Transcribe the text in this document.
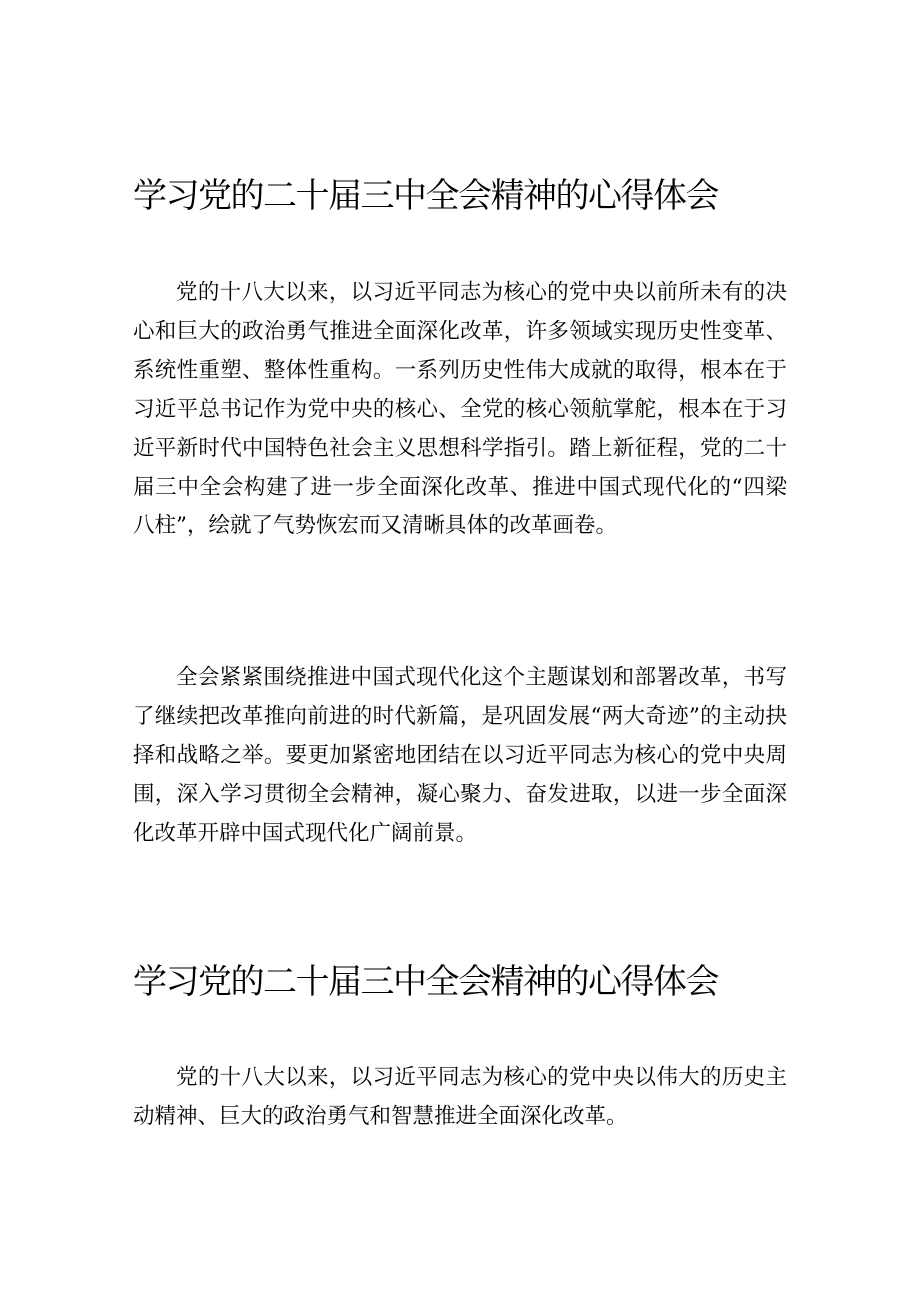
学习党的二十届三中全会精神的心得体会

党的十八大以来，以习近平同志为核心的党中央以前所未有的决心和巨大的政治勇气推进全面深化改革，许多领域实现历史性变革、系统性重塑、整体性重构。一系列历史性伟大成就的取得，根本在于习近平总书记作为党中央的核心、全党的核心领航掌舵，根本在于习近平新时代中国特色社会主义思想科学指引。踏上新征程，党的二十届三中全会构建了进一步全面深化改革、推进中国式现代化的“四梁八柱”，绘就了气势恢宏而又清晰具体的改革画卷。

全会紧紧围绕推进中国式现代化这个主题谋划和部署改革，书写了继续把改革推向前进的时代新篇，是巩固发展“两大奇迹”的主动抉择和战略之举。要更加紧密地团结在以习近平同志为核心的党中央周围，深入学习贯彻全会精神，凝心聚力、奋发进取，以进一步全面深化改革开辟中国式现代化广阔前景。

学习党的二十届三中全会精神的心得体会

党的十八大以来，以习近平同志为核心的党中央以伟大的历史主动精神、巨大的政治勇气和智慧推进全面深化改革。
